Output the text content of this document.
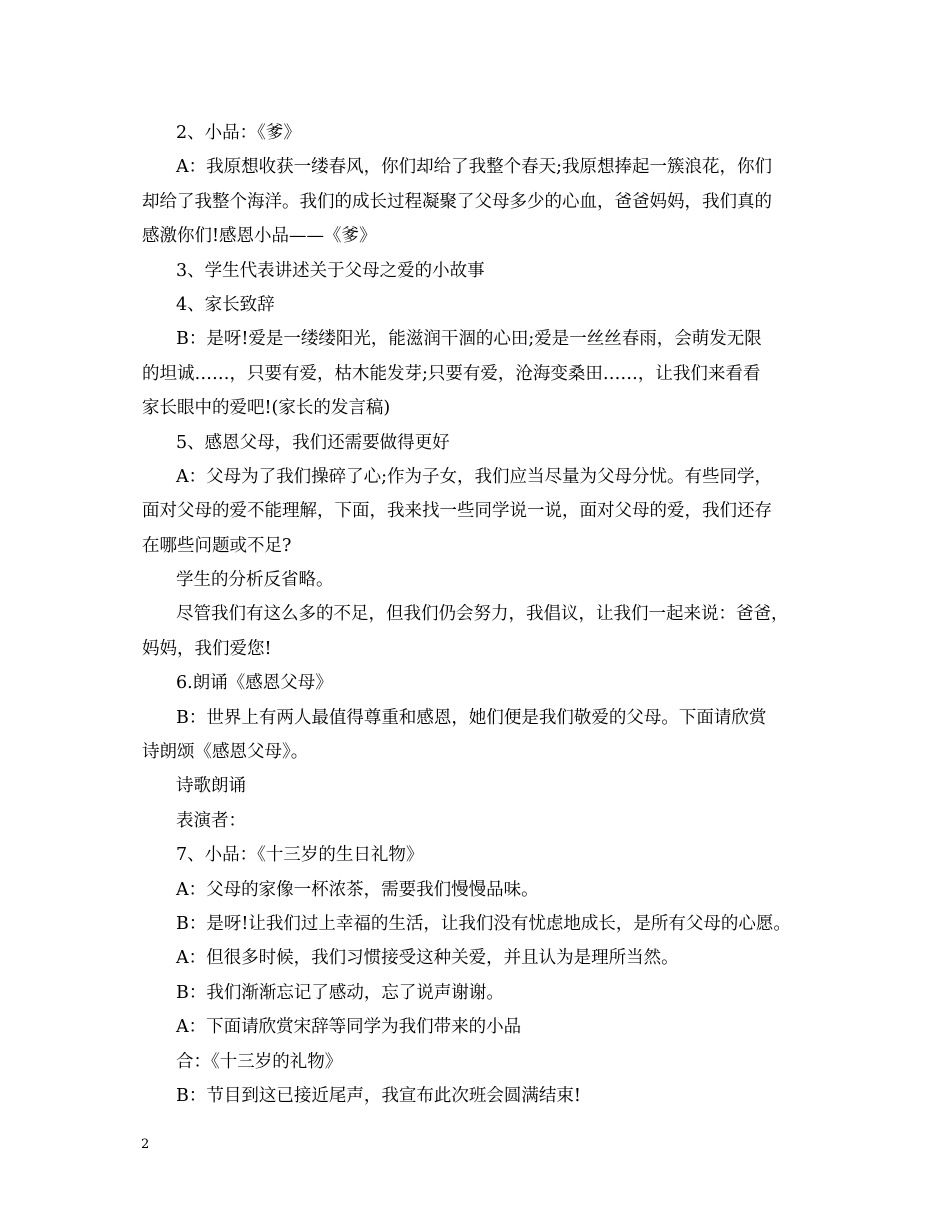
2、小品：《爹》
A：我原想收获一缕春风，你们却给了我整个春天;我原想捧起一簇浪花，你们
却给了我整个海洋。我们的成长过程凝聚了父母多少的心血，爸爸妈妈，我们真的
感激你们!感恩小品——《爹》
3、学生代表讲述关于父母之爱的小故事
4、家长致辞
B：是呀!爱是一缕缕阳光，能滋润干涸的心田;爱是一丝丝春雨，会萌发无限
的坦诚……，只要有爱，枯木能发芽;只要有爱，沧海变桑田……，让我们来看看
家长眼中的爱吧!(家长的发言稿)
5、感恩父母，我们还需要做得更好
A：父母为了我们操碎了心;作为子女，我们应当尽量为父母分忧。有些同学，
面对父母的爱不能理解，下面，我来找一些同学说一说，面对父母的爱，我们还存
在哪些问题或不足?
学生的分析反省略。
尽管我们有这么多的不足，但我们仍会努力，我倡议，让我们一起来说：爸爸，
妈妈，我们爱您!
6.朗诵《感恩父母》
B：世界上有两人最值得尊重和感恩，她们便是我们敬爱的父母。下面请欣赏
诗朗颂《感恩父母》。
诗歌朗诵
表演者：
7、小品：《十三岁的生日礼物》
A：父母的家像一杯浓茶，需要我们慢慢品味。
B：是呀!让我们过上幸福的生活，让我们没有忧虑地成长，是所有父母的心愿。
A：但很多时候，我们习惯接受这种关爱，并且认为是理所当然。
B：我们渐渐忘记了感动，忘了说声谢谢。
A：下面请欣赏宋辞等同学为我们带来的小品
合：《十三岁的礼物》
B：节目到这已接近尾声，我宣布此次班会圆满结束!
2
